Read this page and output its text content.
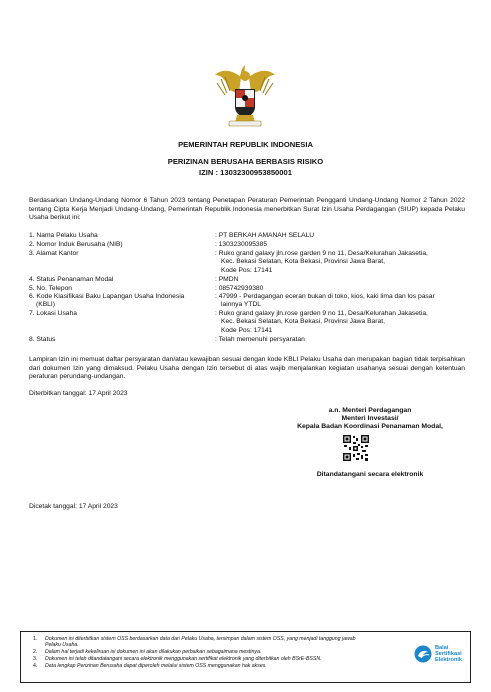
PEMERINTAH REPUBLIK INDONESIA
PERIZINAN BERUSAHA BERBASIS RISIKO
IZIN : 13032300953850001
Berdasarkan Undang-Undang Nomor 6 Tahun 2023 tentang Penetapan Peraturan Pemerintah Pengganti Undang-Undang Nomor 2 Tahun 2022 tentang Cipta Kerja Menjadi Undang-Undang, Pemerintah Republik Indonesia menerbitkan Surat Izin Usaha Perdagangan (SIUP) kepada Pelaku Usaha berikut ini:
1. Nama Pelaku Usaha	: PT BERKAH AMANAH SELALU
2. Nomor Induk Berusaha (NIB)	: 1303230095385
3. Alamat Kantor	: Ruko grand galaxy jln.rose garden 9 no 11, Desa/Kelurahan Jakasetia,
Kec. Bekasi Selatan, Kota Bekasi, Provinsi Jawa Barat,
Kode Pos: 17141
4. Status Penanaman Modal	: PMDN
5. No. Telepon	: 085742939380
6. Kode Klasifikasi Baku Lapangan Usaha Indonesia
(KBLI)
: 47999 - Perdagangan eceran bukan di toko, kios, kaki lima dan los pasar
lainnya YTDL
7. Lokasi Usaha	: Ruko grand galaxy jln.rose garden 9 no 11, Desa/Kelurahan Jakasetia,
Kec. Bekasi Selatan, Kota Bekasi, Provinsi Jawa Barat,
Kode Pos: 17141
8. Status	: Telah memenuhi persyaratan
Lampiran Izin ini memuat daftar persyaratan dan/atau kewajiban sesuai dengan kode KBLI Pelaku Usaha dan merupakan bagian tidak terpisahkan dari dokumen Izin yang dimaksud. Pelaku Usaha dengan Izin tersebut di atas wajib menjalankan kegiatan usahanya sesuai dengan ketentuan peraturan perundang-undangan.
Diterbitkan tanggal: 17 April 2023
a.n. Menteri Perdagangan
Menteri Investasi/
Kepala Badan Koordinasi Penanaman Modal,
Ditandatangani secara elektronik
Dicetak tanggal: 17 April 2023
1.	Dokumen ini diterbitkan sistem OSS berdasarkan data dari Pelaku Usaha, tersimpan dalam sistem OSS, yang menjadi tanggung jawab
Pelaku Usaha.
2.	Dalam hal terjadi kekeliruan isi dokumen ini akan dilakukan perbaikan sebagaimana mestinya.
3.	Dokumen ini telah ditandatangani secara elektronik menggunakan sertifikat elektronik yang diterbitkan oleh BSrE-BSSN.
4.	Data lengkap Perizinan Berusaha dapat diperoleh melalui sistem OSS menggunakan hak akses.
Balai
Sertifikasi
Elektronik
